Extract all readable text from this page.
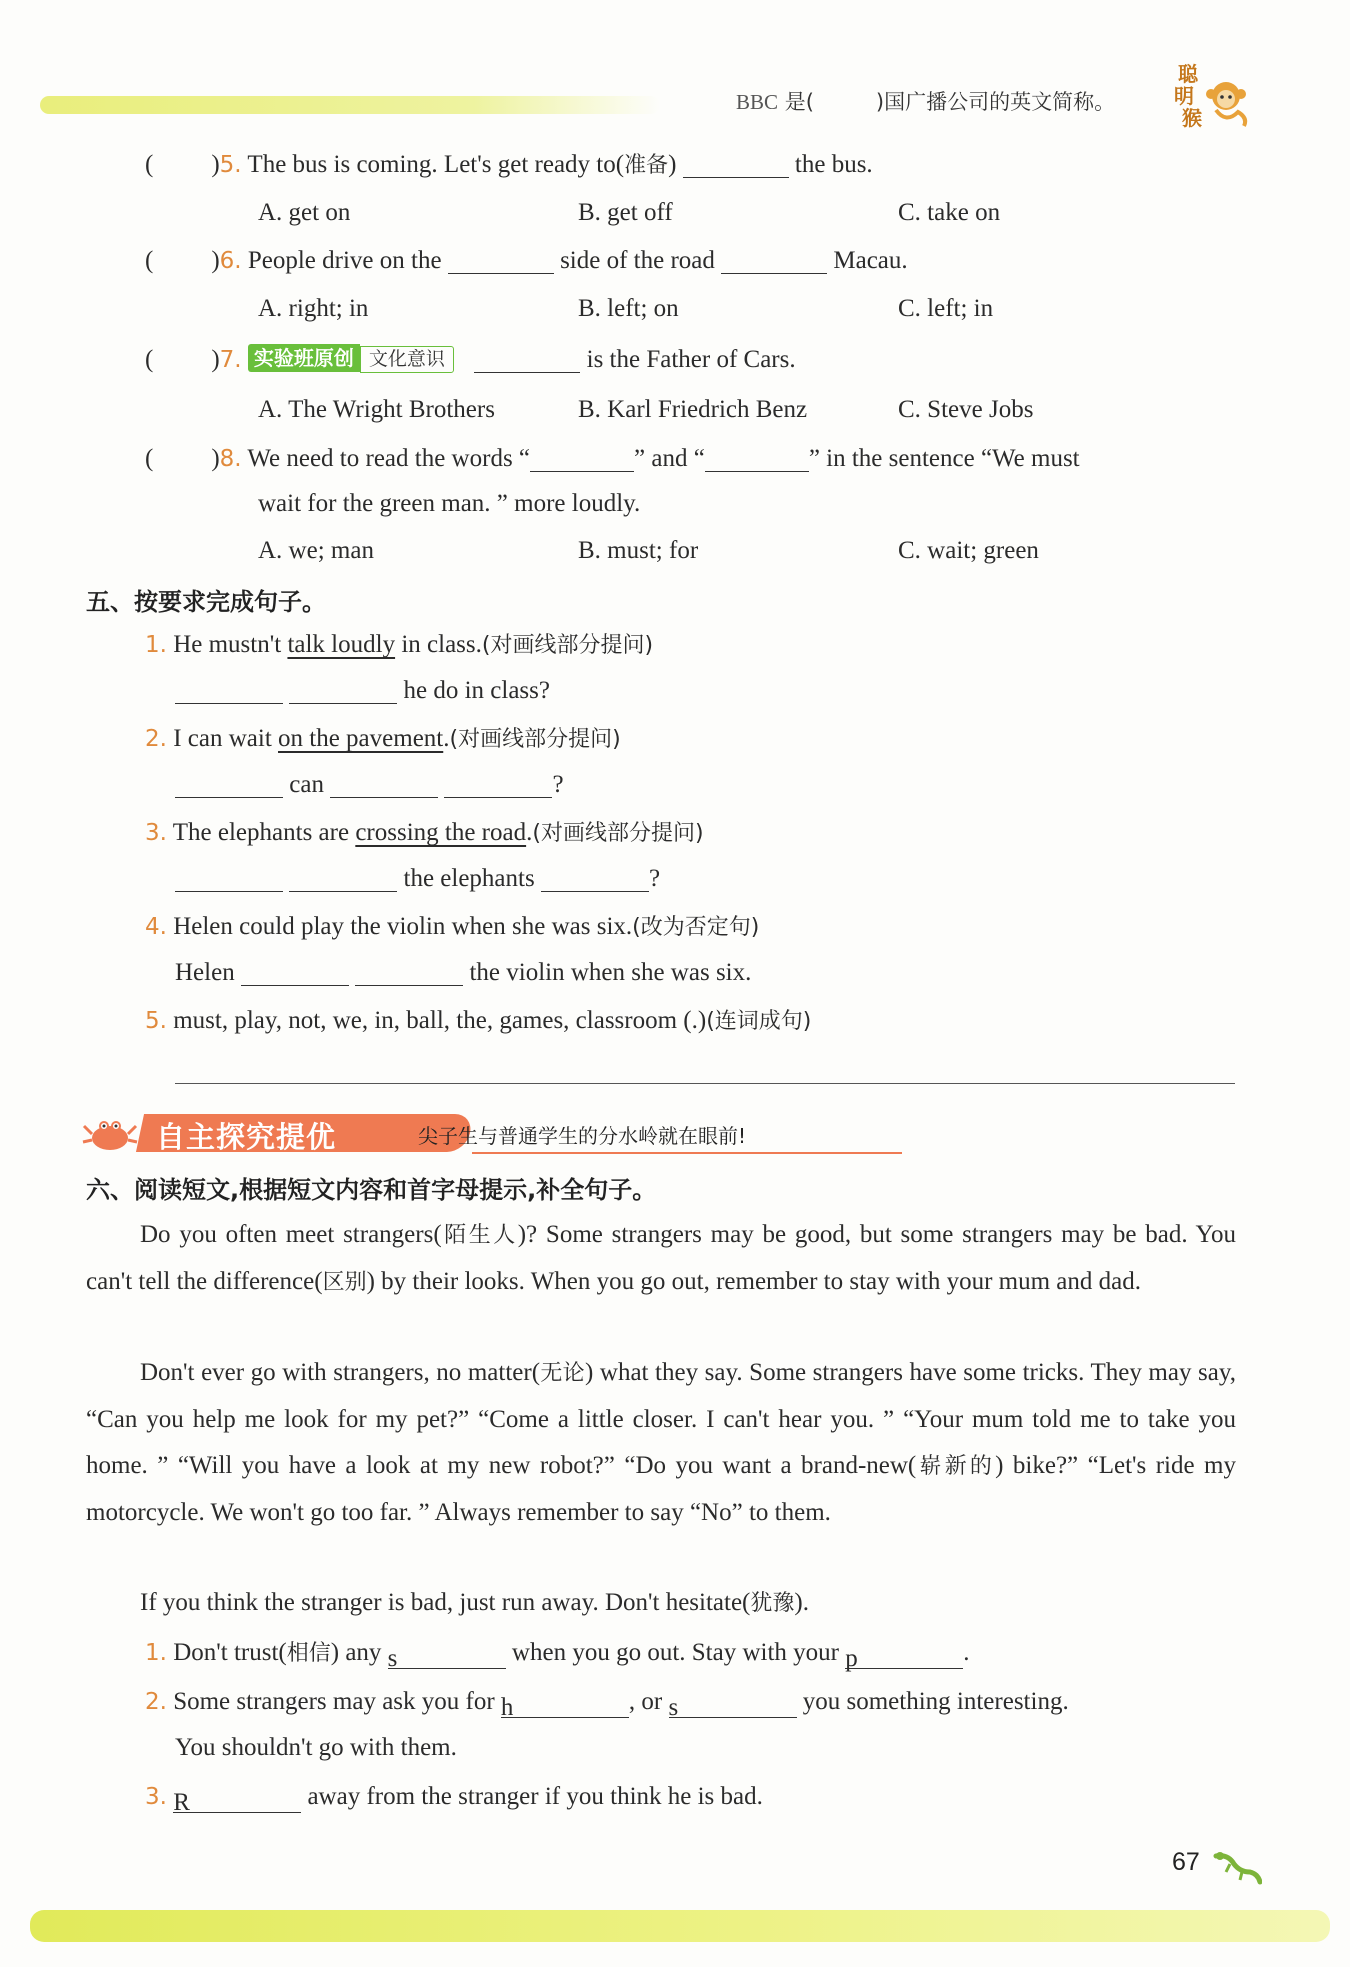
BBC 是(	)国广播公司的英文简称。
聪
明
猴
( )5. The bus is coming. Let's get ready to(准备)	the bus.
A. get on	B. get off	C. take on
( )6. People drive on the	side of the road	Macau.
A. right; in	B. left; on	C. left; in
( )7. 实验班原创 文化意识	is the Father of Cars.
A. The Wright Brothers	B. Karl Friedrich Benz	C. Steve Jobs
( )8. We need to read the words “	” and “	” in the sentence “We must
wait for the green man. ” more loudly.
A. we; man	B. must; for	C. wait; green
五、按要求完成句子。
1. He mustn't talk loudly in class.(对画线部分提问)
he do in class?
2. I can wait on the pavement.(对画线部分提问)
can	?
3. The elephants are crossing the road.(对画线部分提问)
the elephants	?
4. Helen could play the violin when she was six.(改为否定句)
Helen	the violin when she was six.
5. must, play, not, we, in, ball, the, games, classroom (.)(连词成句)
自主探究提优	尖子生与普通学生的分水岭就在眼前!
六、阅读短文,根据短文内容和首字母提示,补全句子。
Do you often meet strangers(陌生人)? Some strangers may be good, but some strangers may be bad. You can't tell the difference(区别) by their looks. When you go out, remember to stay with your mum and dad.
Don't ever go with strangers, no matter(无论) what they say. Some strangers have some tricks. They may say, “Can you help me look for my pet?” “Come a little closer. I can't hear you. ” “Your mum told me to take you home. ” “Will you have a look at my new robot?” “Do you want a brand-new(崭新的) bike?” “Let's ride my motorcycle. We won't go too far. ” Always remember to say “No” to them.
If you think the stranger is bad, just run away. Don't hesitate(犹豫).
1. Don't trust(相信) any s	when you go out. Stay with your p	.
2. Some strangers may ask you for h	, or s	you something interesting.
You shouldn't go with them.
3. R	away from the stranger if you think he is bad.
67
